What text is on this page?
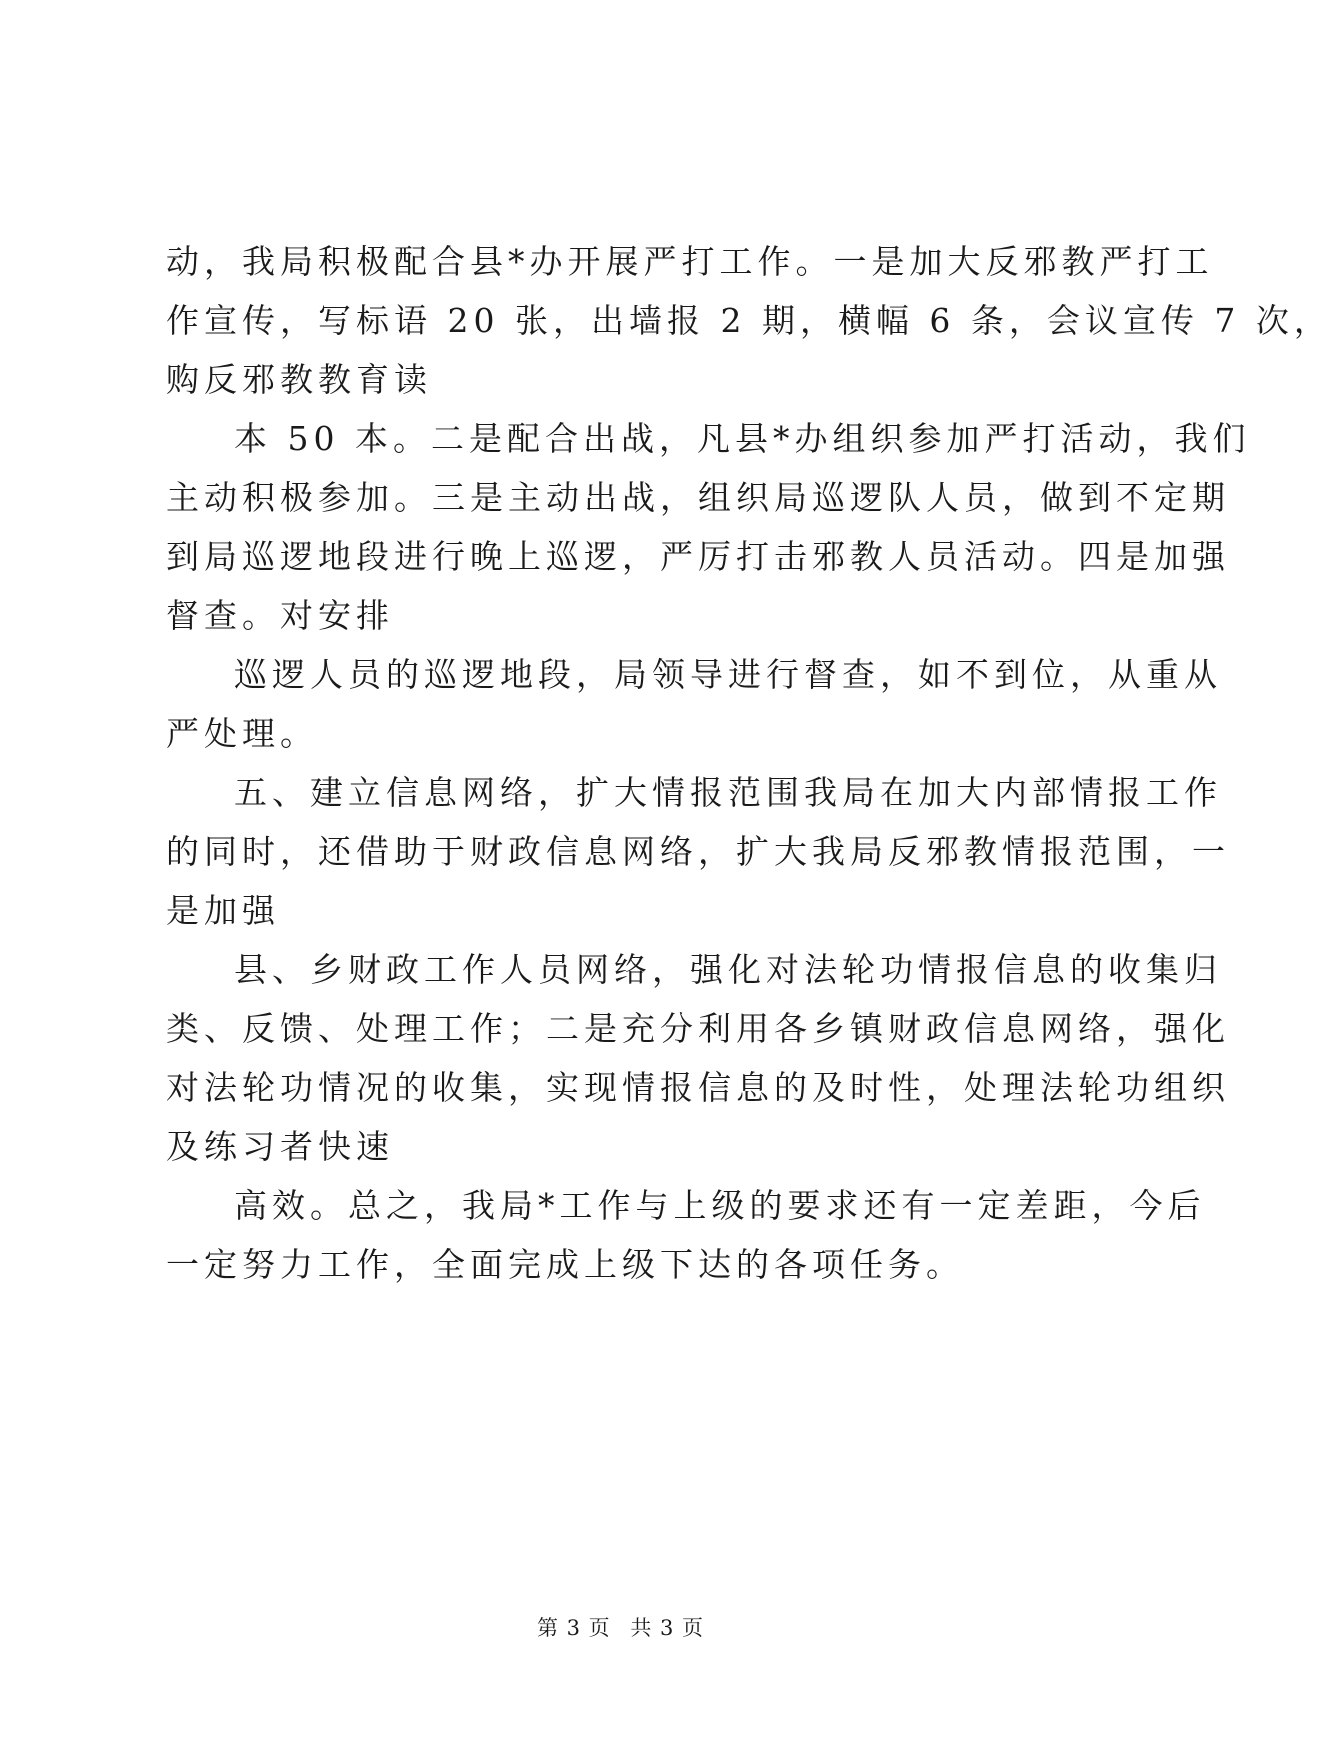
动，我局积极配合县*办开展严打工作。一是加大反邪教严打工
作宣传，写标语 20 张，出墙报 2 期，横幅 6 条，会议宣传 7 次，
购反邪教教育读
本 50 本。二是配合出战，凡县*办组织参加严打活动，我们
主动积极参加。三是主动出战，组织局巡逻队人员，做到不定期
到局巡逻地段进行晚上巡逻，严厉打击邪教人员活动。四是加强
督查。对安排
巡逻人员的巡逻地段，局领导进行督查，如不到位，从重从
严处理。
五、建立信息网络，扩大情报范围我局在加大内部情报工作
的同时，还借助于财政信息网络，扩大我局反邪教情报范围，一
是加强
县、乡财政工作人员网络，强化对法轮功情报信息的收集归
类、反馈、处理工作；二是充分利用各乡镇财政信息网络，强化
对法轮功情况的收集，实现情报信息的及时性，处理法轮功组织
及练习者快速
高效。总之，我局*工作与上级的要求还有一定差距，今后
一定努力工作，全面完成上级下达的各项任务。
第 3 页 共 3 页
